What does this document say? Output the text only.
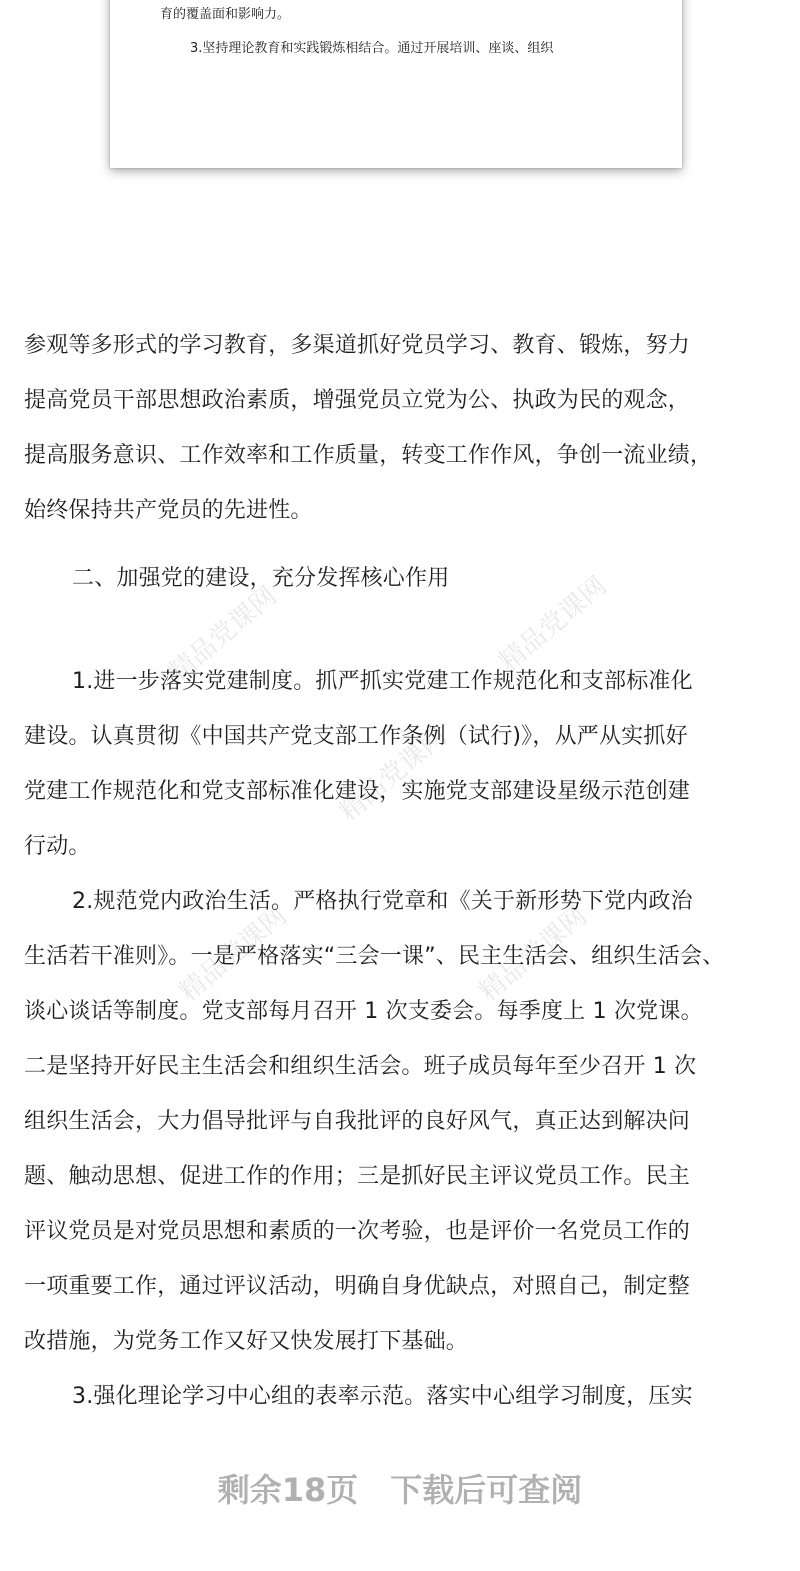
育的覆盖面和影响力。
3.坚持理论教育和实践锻炼相结合。通过开展培训、座谈、组织
精品党课网	精品党课网
精品党课网
精品党课网	精品党课网
参观等多形式的学习教育，多渠道抓好党员学习、教育、锻炼，努力
提高党员干部思想政治素质，增强党员立党为公、执政为民的观念，
提高服务意识、工作效率和工作质量，转变工作作风，争创一流业绩，
始终保持共产党员的先进性。
二、加强党的建设，充分发挥核心作用
1.进一步落实党建制度。抓严抓实党建工作规范化和支部标准化
建设。认真贯彻《中国共产党支部工作条例（试行)》，从严从实抓好
党建工作规范化和党支部标准化建设，实施党支部建设星级示范创建
行动。
2.规范党内政治生活。严格执行党章和《关于新形势下党内政治
生活若干准则》。一是严格落实“三会一课”、民主生活会、组织生活会、
谈心谈话等制度。党支部每月召开 1 次支委会。每季度上 1 次党课。
二是坚持开好民主生活会和组织生活会。班子成员每年至少召开 1 次
组织生活会，大力倡导批评与自我批评的良好风气，真正达到解决问
题、触动思想、促进工作的作用；三是抓好民主评议党员工作。民主
评议党员是对党员思想和素质的一次考验，也是评价一名党员工作的
一项重要工作，通过评议活动，明确自身优缺点，对照自己，制定整
改措施，为党务工作又好又快发展打下基础。
3.强化理论学习中心组的表率示范。落实中心组学习制度，压实
剩余18页　下载后可查阅
